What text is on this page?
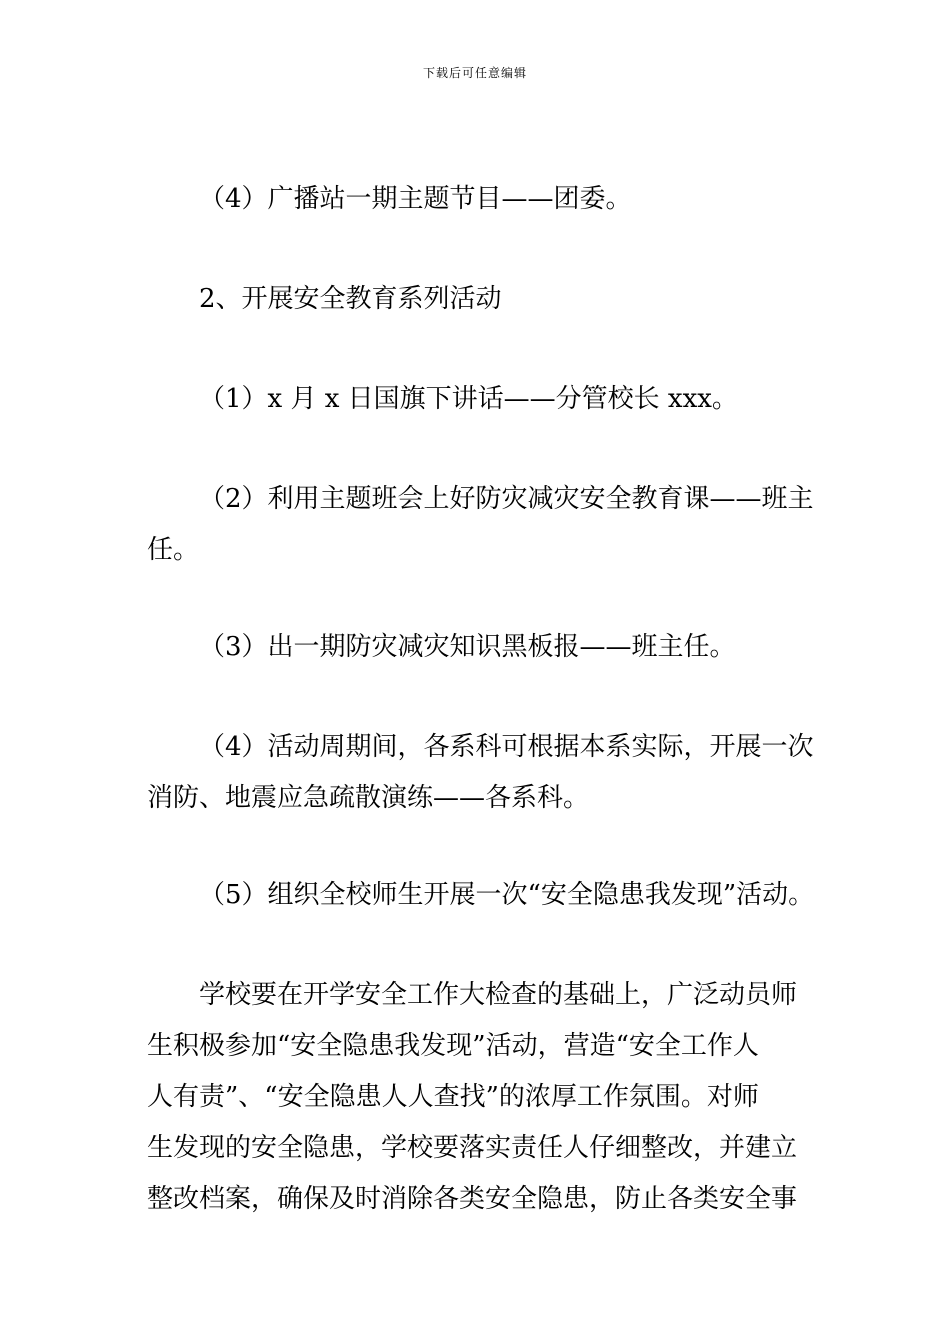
下载后可任意编辑

（4）广播站一期主题节目——团委。

2、开展安全教育系列活动

（1）x 月 x 日国旗下讲话——分管校长 xxx。

（2）利用主题班会上好防灾减灾安全教育课——班主
任。

（3）出一期防灾减灾知识黑板报——班主任。

（4）活动周期间，各系科可根据本系实际，开展一次
消防、地震应急疏散演练——各系科。

（5）组织全校师生开展一次“安全隐患我发现”活动。

学校要在开学安全工作大检查的基础上，广泛动员师
生积极参加“安全隐患我发现”活动，营造“安全工作人
人有责”、“安全隐患人人查找”的浓厚工作氛围。对师
生发现的安全隐患，学校要落实责任人仔细整改，并建立
整改档案，确保及时消除各类安全隐患，防止各类安全事
